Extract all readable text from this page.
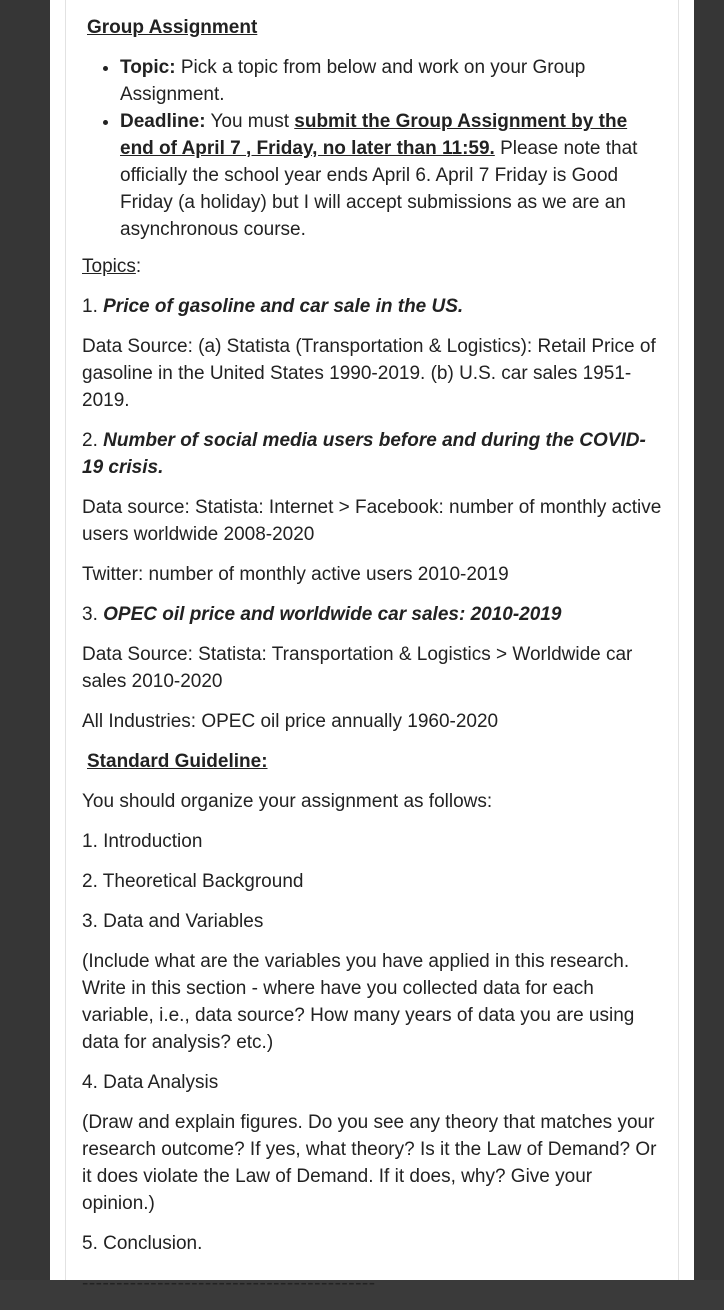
Group Assignment

• Topic: Pick a topic from below and work on your Group Assignment.
• Deadline: You must submit the Group Assignment by the end of April 7 , Friday, no later than 11:59. Please note that officially the school year ends April 6. April 7 Friday is Good Friday (a holiday) but I will accept submissions as we are an asynchronous course.

Topics:

1. Price of gasoline and car sale in the US.

Data Source: (a) Statista (Transportation & Logistics): Retail Price of gasoline in the United States 1990-2019. (b) U.S. car sales 1951-2019.

2. Number of social media users before and during the COVID-19 crisis.

Data source: Statista: Internet > Facebook: number of monthly active users worldwide 2008-2020

Twitter: number of monthly active users 2010-2019

3. OPEC oil price and worldwide car sales: 2010-2019

Data Source: Statista: Transportation & Logistics > Worldwide car sales 2010-2020

All Industries: OPEC oil price annually 1960-2020

Standard Guideline:

You should organize your assignment as follows:

1. Introduction

2. Theoretical Background

3. Data and Variables

(Include what are the variables you have applied in this research. Write in this section - where have you collected data for each variable, i.e., data source? How many years of data you are using data for analysis? etc.)

4. Data Analysis

(Draw and explain figures. Do you see any theory that matches your research outcome? If yes, what theory? Is it the Law of Demand? Or it does violate the Law of Demand. If it does, why? Give your opinion.)

5. Conclusion.

-------------------------------------------
